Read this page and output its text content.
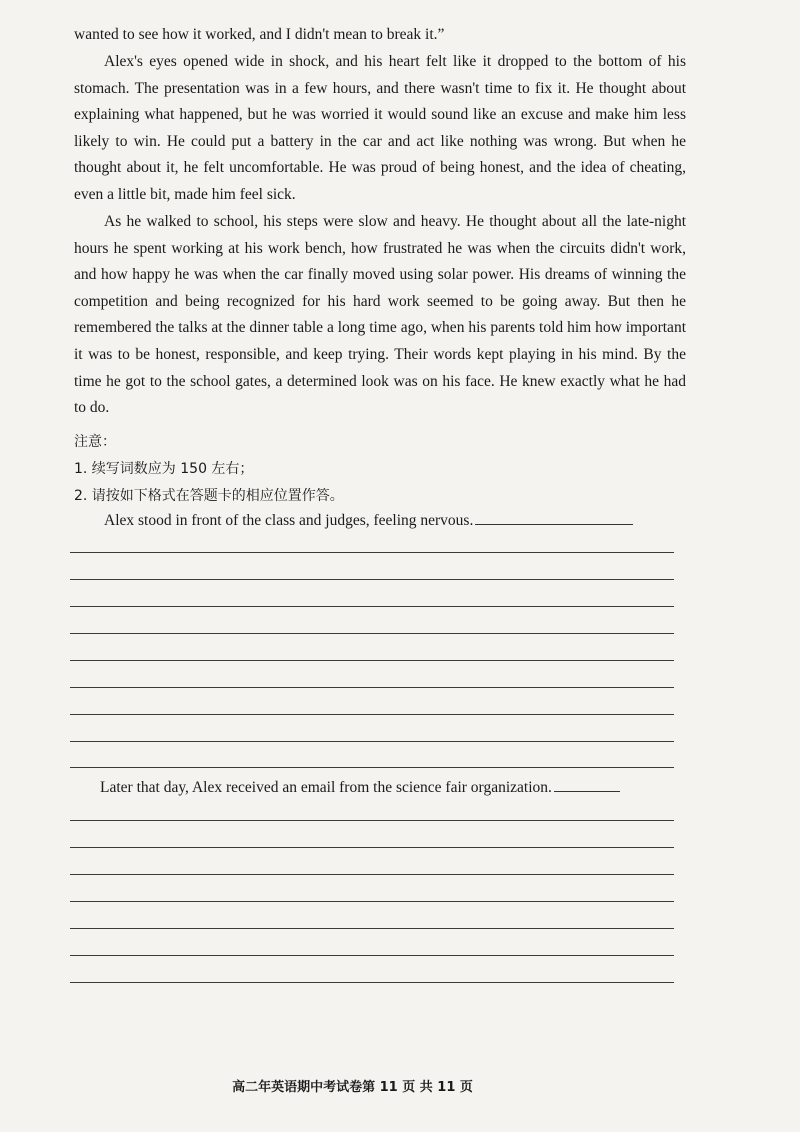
wanted to see how it worked, and I didn't mean to break it.”

Alex's eyes opened wide in shock, and his heart felt like it dropped to the bottom of his stomach. The presentation was in a few hours, and there wasn't time to fix it. He thought about explaining what happened, but he was worried it would sound like an excuse and make him less likely to win. He could put a battery in the car and act like nothing was wrong. But when he thought about it, he felt uncomfortable. He was proud of being honest, and the idea of cheating, even a little bit, made him feel sick.

As he walked to school, his steps were slow and heavy. He thought about all the late-night hours he spent working at his work bench, how frustrated he was when the circuits didn't work, and how happy he was when the car finally moved using solar power. His dreams of winning the competition and being recognized for his hard work seemed to be going away. But then he remembered the talks at the dinner table a long time ago, when his parents told him how important it was to be honest, responsible, and keep trying. Their words kept playing in his mind. By the time he got to the school gates, a determined look was on his face. He knew exactly what he had to do.

注意：

1. 续写词数应为 150 左右；

2. 请按如下格式在答题卡的相应位置作答。

Alex stood in front of the class and judges, feeling nervous.
Later that day, Alex received an email from the science fair organization.

高二年英语期中考试卷第 11 页 共 11 页
